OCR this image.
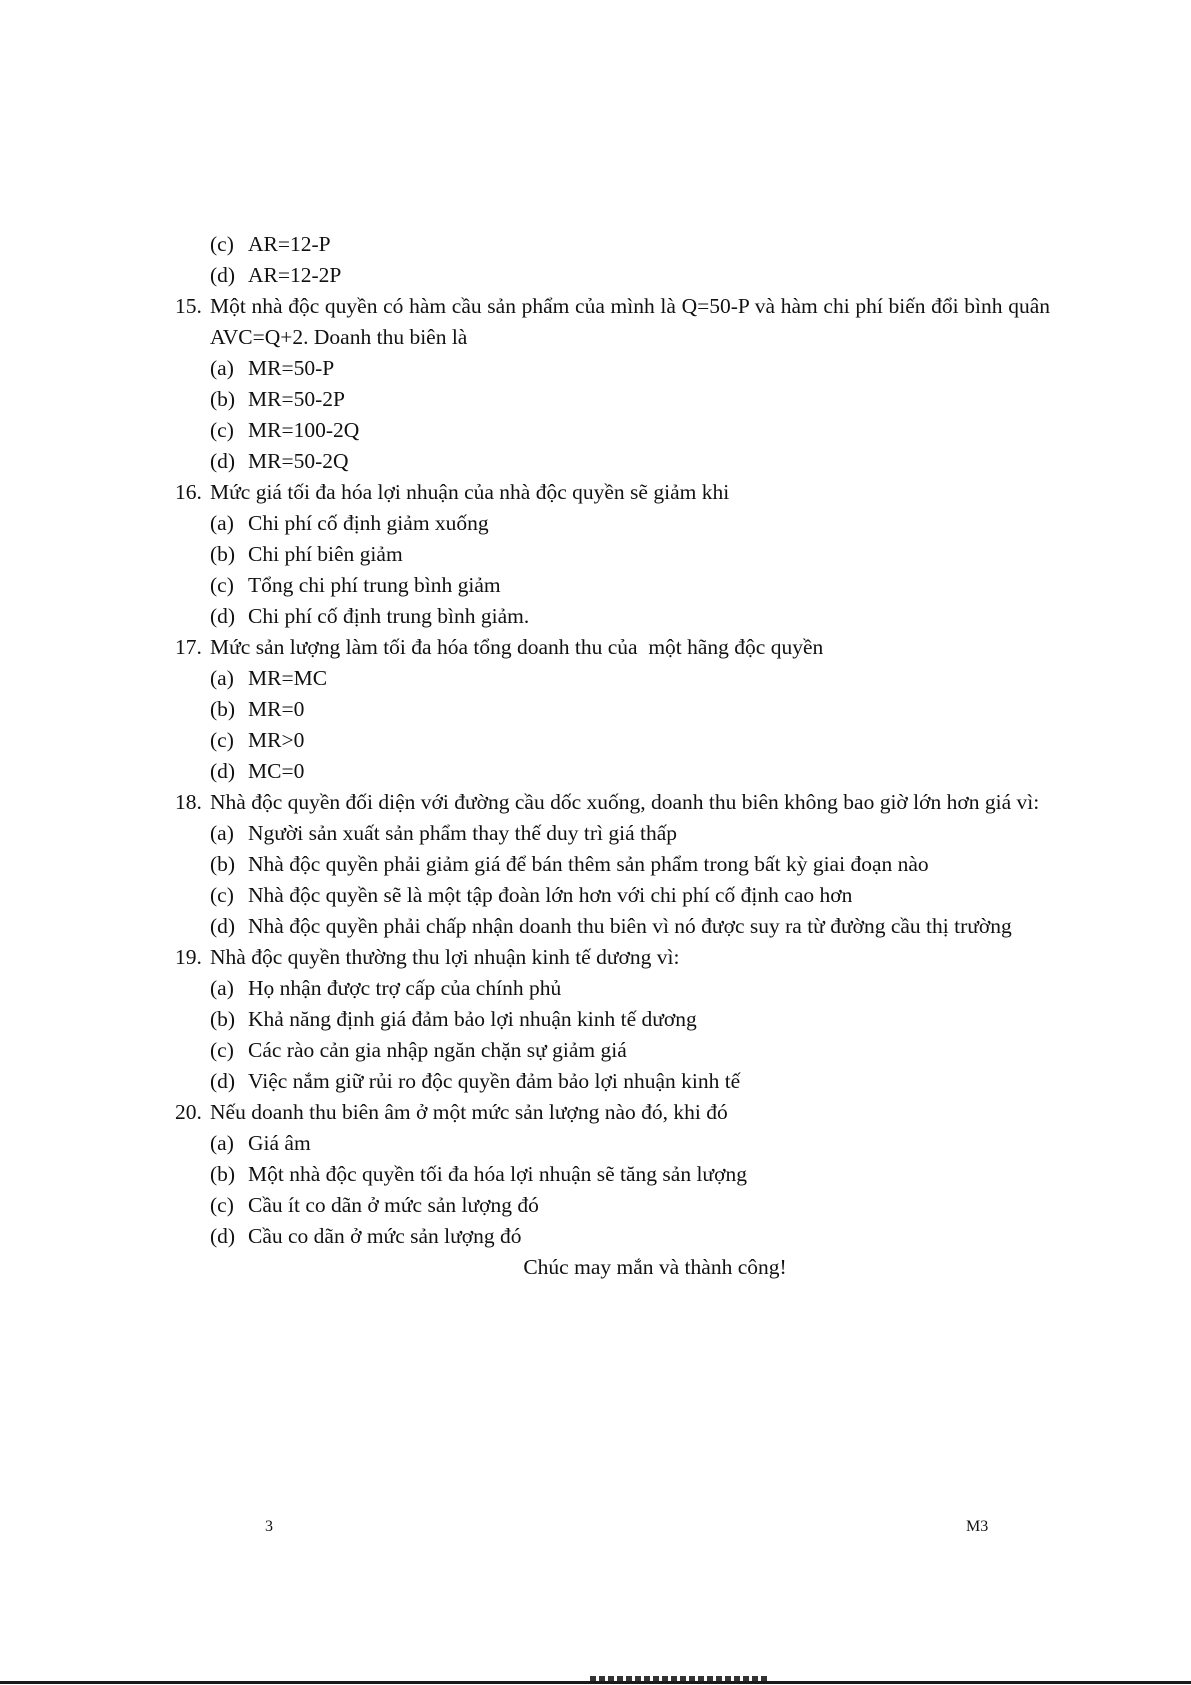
(c) AR=12-P
(d) AR=12-2P
15. Một nhà độc quyền có hàm cầu sản phẩm của mình là Q=50-P và hàm chi phí biến đổi bình quân AVC=Q+2. Doanh thu biên là
(a) MR=50-P
(b) MR=50-2P
(c) MR=100-2Q
(d) MR=50-2Q
16. Mức giá tối đa hóa lợi nhuận của nhà độc quyền sẽ giảm khi
(a) Chi phí cố định giảm xuống
(b) Chi phí biên giảm
(c) Tổng chi phí trung bình giảm
(d) Chi phí cố định trung bình giảm.
17. Mức sản lượng làm tối đa hóa tổng doanh thu của  một hãng độc quyền
(a) MR=MC
(b) MR=0
(c) MR>0
(d) MC=0
18. Nhà độc quyền đối diện với đường cầu dốc xuống, doanh thu biên không bao giờ lớn hơn giá vì:
(a) Người sản xuất sản phẩm thay thế duy trì giá thấp
(b) Nhà độc quyền phải giảm giá để bán thêm sản phẩm trong bất kỳ giai đoạn nào
(c) Nhà độc quyền sẽ là một tập đoàn lớn hơn với chi phí cố định cao hơn
(d) Nhà độc quyền phải chấp nhận doanh thu biên vì nó được suy ra từ đường cầu thị trường
19. Nhà độc quyền thường thu lợi nhuận kinh tế dương vì:
(a) Họ nhận được trợ cấp của chính phủ
(b) Khả năng định giá đảm bảo lợi nhuận kinh tế dương
(c) Các rào cản gia nhập ngăn chặn sự giảm giá
(d) Việc nắm giữ rủi ro độc quyền đảm bảo lợi nhuận kinh tế
20. Nếu doanh thu biên âm ở một mức sản lượng nào đó, khi đó
(a) Giá âm
(b) Một nhà độc quyền tối đa hóa lợi nhuận sẽ tăng sản lượng
(c) Cầu ít co dãn ở mức sản lượng đó
(d) Cầu co dãn ở mức sản lượng đó
Chúc may mắn và thành công!
3	M3
